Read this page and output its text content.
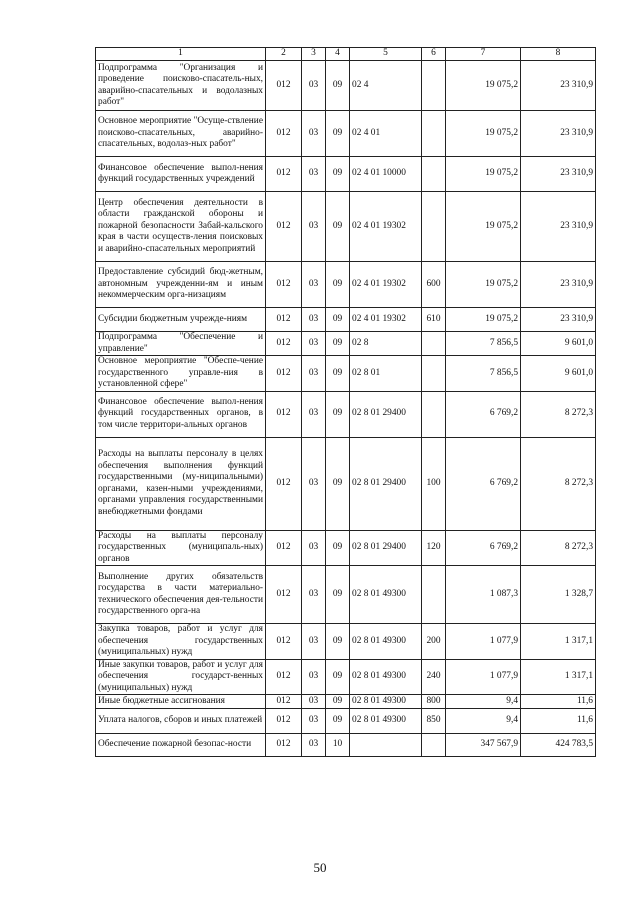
1	2	3	4	5	6	7	8
Подпрограмма "Организация и проведение поисково-спасатель-ных, аварийно-спасательных и водолазных работ"	012	03	09	02 4		19 075,2	23 310,9
Основное мероприятие "Осуще-ствление поисково-спасательных, аварийно-спасательных, водолаз-ных работ"	012	03	09	02 4 01		19 075,2	23 310,9
Финансовое обеспечение выпол-нения функций государственных учреждений	012	03	09	02 4 01 10000		19 075,2	23 310,9
Центр обеспечения деятельности в области гражданской обороны и пожарной безопасности Забай-кальского края в части осуществ-ления поисковых и аварийно-спасательных мероприятий	012	03	09	02 4 01 19302		19 075,2	23 310,9
Предоставление субсидий бюд-жетным, автономным учрежденни-ям и иным некоммерческим орга-низациям	012	03	09	02 4 01 19302	600	19 075,2	23 310,9
Субсидии бюджетным учрежде-ниям	012	03	09	02 4 01 19302	610	19 075,2	23 310,9
Подпрограмма "Обеспечение и управление"	012	03	09	02 8		7 856,5	9 601,0
Основное мероприятие "Обеспе-чение государственного управле-ния в установленной сфере"	012	03	09	02 8 01		7 856,5	9 601,0
Финансовое обеспечение выпол-нения функций государственных органов, в том числе территори-альных органов	012	03	09	02 8 01 29400		6 769,2	8 272,3
Расходы на выплаты персоналу в целях обеспечения выполнения функций государственными (му-ниципальными) органами, казен-ными учреждениями, органами управления государственными внебюджетными фондами	012	03	09	02 8 01 29400	100	6 769,2	8 272,3
Расходы на выплаты персоналу государственных (муниципаль-ных) органов	012	03	09	02 8 01 29400	120	6 769,2	8 272,3
Выполнение других обязательств государства в части материально-технического обеспечения дея-тельности государственного орга-на	012	03	09	02 8 01 49300		1 087,3	1 328,7
Закупка товаров, работ и услуг для обеспечения государственных (муниципальных) нужд	012	03	09	02 8 01 49300	200	1 077,9	1 317,1
Иные закупки товаров, работ и услуг для обеспечения государст-венных (муниципальных) нужд	012	03	09	02 8 01 49300	240	1 077,9	1 317,1
Иные бюджетные ассигнования	012	03	09	02 8 01 49300	800	9,4	11,6
Уплата налогов, сборов и иных платежей	012	03	09	02 8 01 49300	850	9,4	11,6
Обеспечение пожарной безопас-ности	012	03	10			347 567,9	424 783,5
50
